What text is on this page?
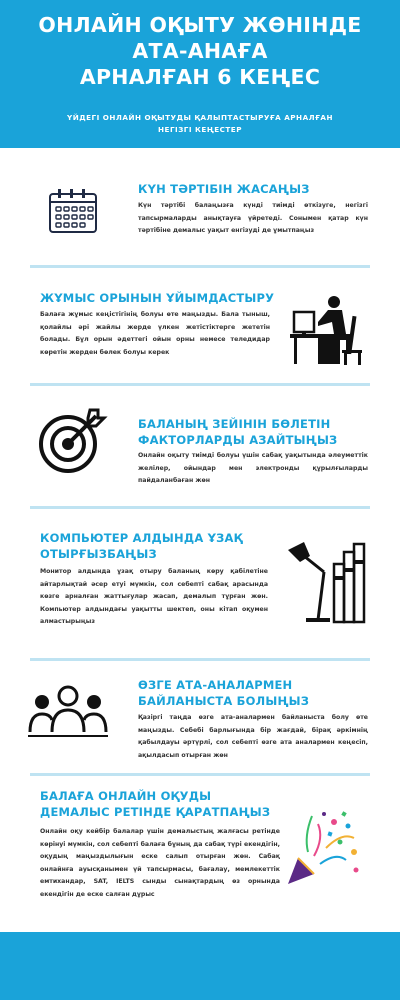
ОНЛАЙН ОҚЫТУ ЖӨНІНДЕ
АТА-АНАҒА
АРНАЛҒАН 6 КЕҢЕС
ҮЙДЕГІ ОНЛАЙН ОҚЫТУДЫ ҚАЛЫПТАСТЫРУҒА АРНАЛҒАН
НЕГІЗГІ КЕҢЕСТЕР
КҮН ТӘРТІБІН ЖАСАҢЫЗ
Күн тәртібі балаңызға күнді тиімді өткізуге, негізгі тапсырмаларды анықтауға үйретеді. Сонымен қатар күн тәртібіне демалыс уақыт енгізуді де ұмытпаңыз
ЖҰМЫС ОРЫНЫН ҰЙЫМДАСТЫРУ
Балаға жұмыс кеңістігінің болуы өте маңызды. Бала тыныш, қолайлы әрі жайлы жерде үлкен жетістіктерге жететін болады. Бұл орын әдеттегі ойын орны немесе теледидар көретін жерден бөлек болуы керек
БАЛАНЫҢ ЗЕЙІНІН БӨЛЕТІН
ФАКТОРЛАРДЫ АЗАЙТЫҢЫЗ
Онлайн оқыту тиімді болуы үшін сабақ уақытында әлеуметтік желілер, ойындар мен электронды құрылғыларды пайдаланбаған жөн
КОМПЬЮТЕР АЛДЫНДА ҰЗАҚ
ОТЫРҒЫЗБАҢЫЗ
Монитор алдында ұзақ отыру баланың көру қабілетіне айтарлықтай әсер етуі мүмкін, сол себепті сабақ арасында көзге арналған жаттығулар жасап, демалып тұрған жөн. Компьютер алдындағы уақытты шектеп, оны кітап оқумен алмастырыңыз
ӨЗГЕ АТА-АНАЛАРМЕН
БАЙЛАНЫСТА БОЛЫҢЫЗ
Қазіргі таңда өзге ата-аналармен байланыста болу өте маңызды. Себебі барлығында бір жағдай, бірақ әркімнің қабылдауы әртүрлі, сол себепті өзге ата аналармен кеңесіп, ақылдасып отырған жөн
БАЛАҒА ОНЛАЙН ОҚУДЫ
ДЕМАЛЫС РЕТІНДЕ ҚАРАТПАҢЫЗ
Онлайн оқу кейбір балалар үшін демалыстың жалғасы ретінде көрінуі мүмкін, сол себепті балаға бұның да сабақ түрі екендігін, оқудың маңыздылығын еске салып отырған жөн. Сабақ онлайнға ауысқанымен үй тапсырмасы, бағалау, мемлекеттік емтихандар, SAT, IELTS сынды сынақтардың өз орнында екендігін де еске салған дұрыс
